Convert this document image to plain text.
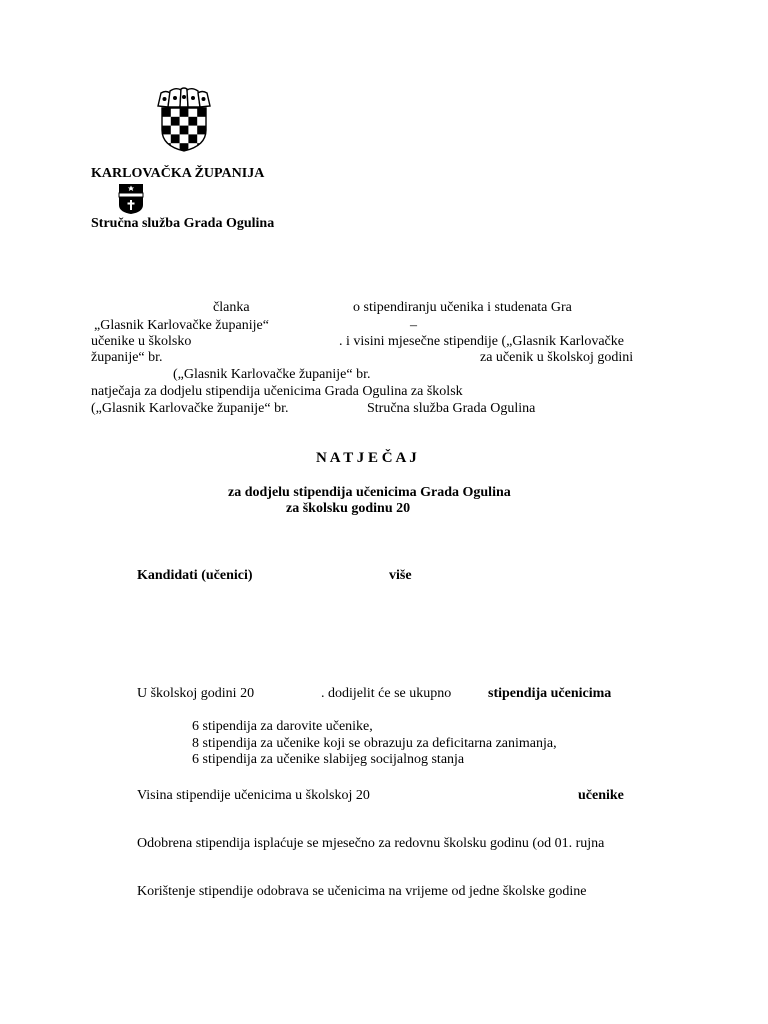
KARLOVAČKA ŽUPANIJA
Stručna služba Grada Ogulina
članka	o stipendiranju učenika i studenata Gra
„Glasnik Karlovačke županije“	–
učenike u školsko	. i visini mjesečne stipendije („Glasnik Karlovačke
županije“ br.	za učenik u školskoj godini
(„Glasnik Karlovačke županije“ br.
natječaja za dodjelu stipendija učenicima Grada Ogulina za školsk
(„Glasnik Karlovačke županije“ br.	Stručna služba Grada Ogulina
N A T J E Č A J
za dodjelu stipendija učenicima Grada Ogulina
za školsku godinu 20
Kandidati (učenici)	više
U školskoj godini 20	. dodijelit će se ukupno	stipendija učenicima
6 stipendija za darovite učenike,
8 stipendija za učenike koji se obrazuju za deficitarna zanimanja,
6 stipendija za učenike slabijeg socijalnog stanja
Visina stipendije učenicima u školskoj 20	učenike
Odobrena stipendija isplaćuje se mjesečno za redovnu školsku godinu (od 01. rujna
Korištenje stipendije odobrava se učenicima na vrijeme od jedne školske godine
